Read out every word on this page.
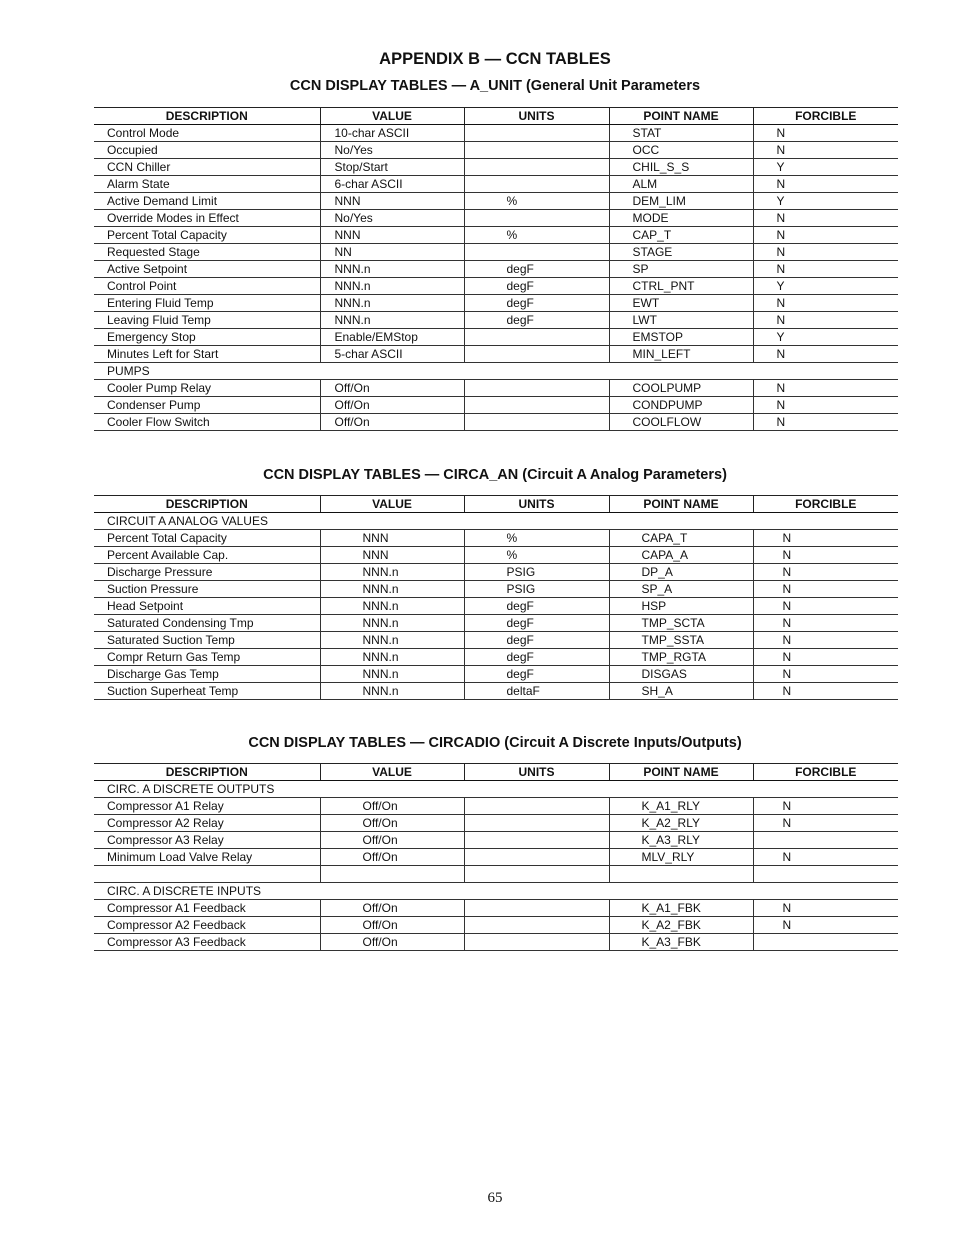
APPENDIX B — CCN TABLES
CCN DISPLAY TABLES — A_UNIT (General Unit Parameters
DESCRIPTION	VALUE	UNITS	POINT NAME	FORCIBLE
Control Mode	10-char ASCII		STAT	N
Occupied	No/Yes		OCC	N
CCN Chiller	Stop/Start		CHIL_S_S	Y
Alarm State	6-char ASCII		ALM	N
Active Demand Limit	NNN	%	DEM_LIM	Y
Override Modes in Effect	No/Yes		MODE	N
Percent Total Capacity	NNN	%	CAP_T	N
Requested Stage	NN		STAGE	N
Active Setpoint	NNN.n	degF	SP	N
Control Point	NNN.n	degF	CTRL_PNT	Y
Entering Fluid Temp	NNN.n	degF	EWT	N
Leaving Fluid Temp	NNN.n	degF	LWT	N
Emergency Stop	Enable/EMStop		EMSTOP	Y
Minutes Left for Start	5-char ASCII		MIN_LEFT	N
PUMPS				
Cooler Pump Relay	Off/On		COOLPUMP	N
Condenser Pump	Off/On		CONDPUMP	N
Cooler Flow Switch	Off/On		COOLFLOW	N
CCN DISPLAY TABLES — CIRCA_AN (Circuit A Analog Parameters)
DESCRIPTION	VALUE	UNITS	POINT NAME	FORCIBLE
CIRCUIT A ANALOG VALUES				
Percent Total Capacity	NNN	%	CAPA_T	N
Percent Available Cap.	NNN	%	CAPA_A	N
Discharge Pressure	NNN.n	PSIG	DP_A	N
Suction Pressure	NNN.n	PSIG	SP_A	N
Head Setpoint	NNN.n	degF	HSP	N
Saturated Condensing Tmp	NNN.n	degF	TMP_SCTA	N
Saturated Suction Temp	NNN.n	degF	TMP_SSTA	N
Compr Return Gas Temp	NNN.n	degF	TMP_RGTA	N
Discharge Gas Temp	NNN.n	degF	DISGAS	N
Suction Superheat Temp	NNN.n	deltaF	SH_A	N
CCN DISPLAY TABLES — CIRCADIO (Circuit A Discrete Inputs/Outputs)
DESCRIPTION	VALUE	UNITS	POINT NAME	FORCIBLE
CIRC. A DISCRETE OUTPUTS				
Compressor A1 Relay	Off/On		K_A1_RLY	N
Compressor A2 Relay	Off/On		K_A2_RLY	N
Compressor A3 Relay	Off/On		K_A3_RLY	
Minimum Load Valve Relay	Off/On		MLV_RLY	N

CIRC. A DISCRETE INPUTS				
Compressor A1 Feedback	Off/On		K_A1_FBK	N
Compressor A2 Feedback	Off/On		K_A2_FBK	N
Compressor A3 Feedback	Off/On		K_A3_FBK	
65
